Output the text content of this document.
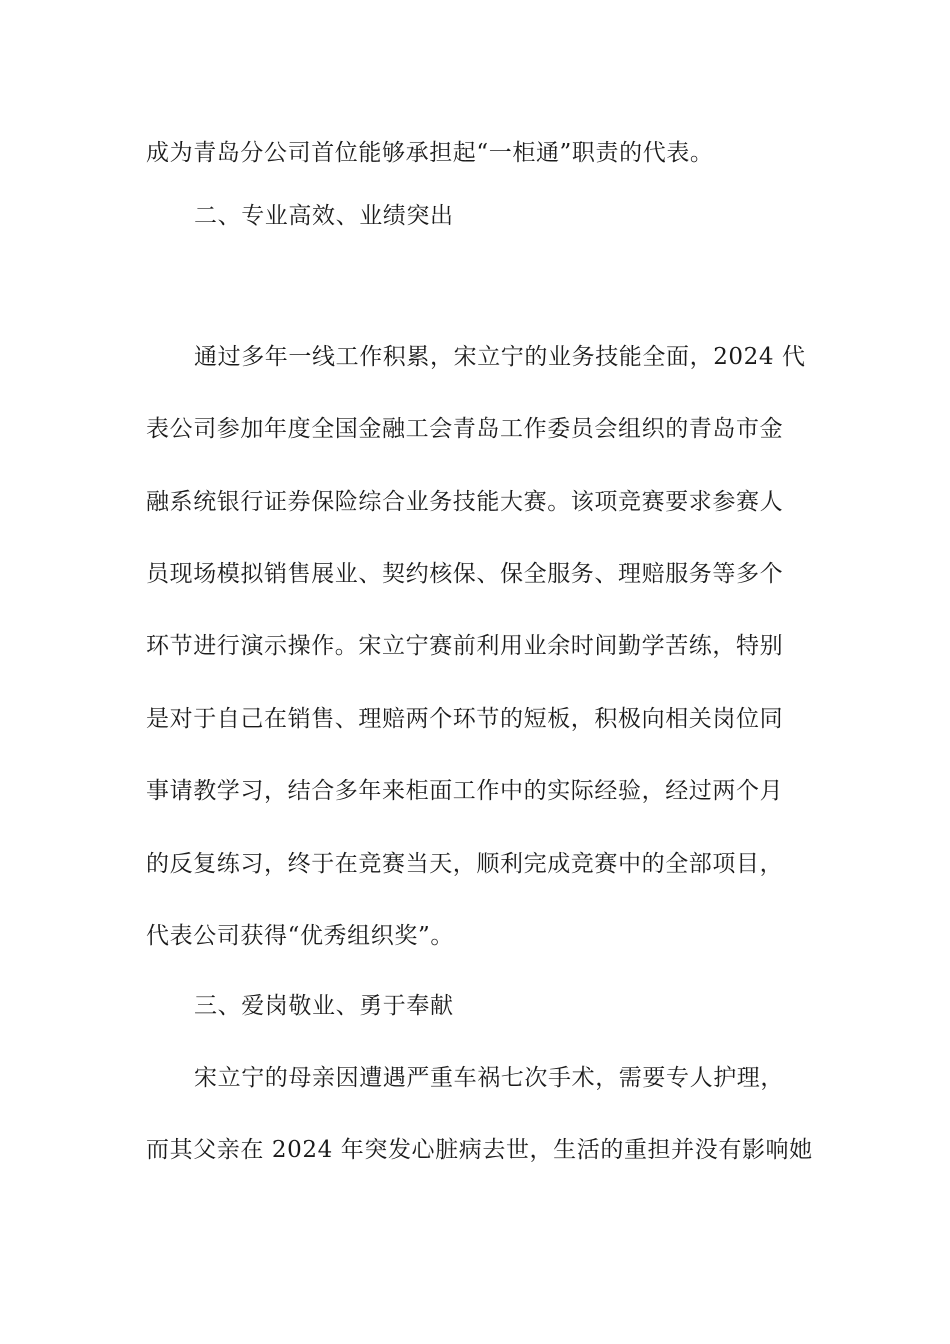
成为青岛分公司首位能够承担起“一柜通”职责的代表。
二、专业高效、业绩突出
通过多年一线工作积累，宋立宁的业务技能全面，2024 代
表公司参加年度全国金融工会青岛工作委员会组织的青岛市金
融系统银行证券保险综合业务技能大赛。该项竞赛要求参赛人
员现场模拟销售展业、契约核保、保全服务、理赔服务等多个
环节进行演示操作。宋立宁赛前利用业余时间勤学苦练，特别
是对于自己在销售、理赔两个环节的短板，积极向相关岗位同
事请教学习，结合多年来柜面工作中的实际经验，经过两个月
的反复练习，终于在竞赛当天，顺利完成竞赛中的全部项目，
代表公司获得“优秀组织奖”。
三、爱岗敬业、勇于奉献
宋立宁的母亲因遭遇严重车祸七次手术，需要专人护理，
而其父亲在 2024 年突发心脏病去世，生活的重担并没有影响她
